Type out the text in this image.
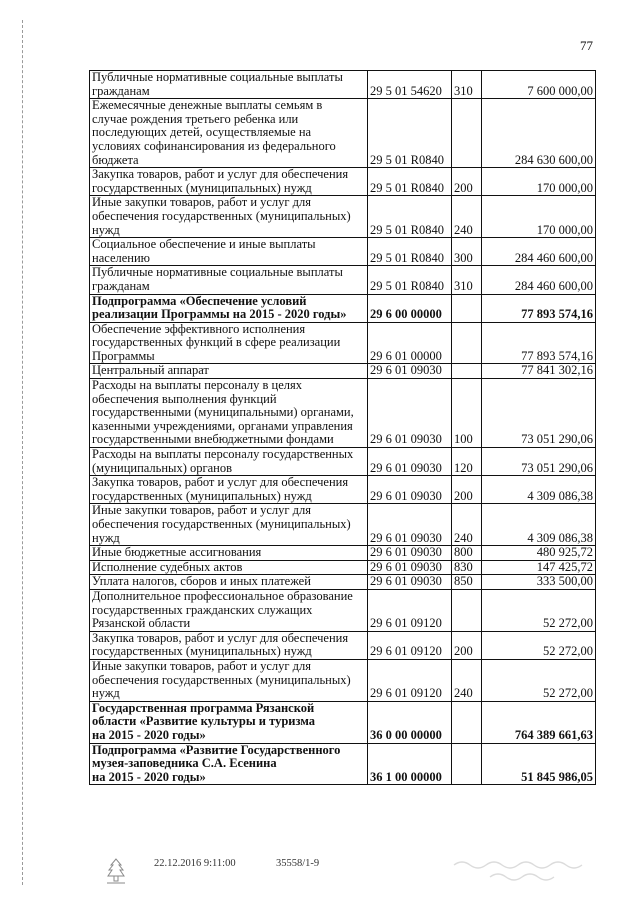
77
Публичные нормативные социальные выплаты
гражданам	29 5 01 54620	310	7 600 000,00
Ежемесячные денежные выплаты семьям в
случае рождения третьего ребенка или
последующих детей, осуществляемые на
условиях софинансирования из федерального
бюджета	29 5 01 R0840		284 630 600,00
Закупка товаров, работ и услуг для обеспечения
государственных (муниципальных) нужд	29 5 01 R0840	200	170 000,00
Иные закупки товаров, работ и услуг для
обеспечения государственных (муниципальных)
нужд	29 5 01 R0840	240	170 000,00
Социальное обеспечение и иные выплаты
населению	29 5 01 R0840	300	284 460 600,00
Публичные нормативные социальные выплаты
гражданам	29 5 01 R0840	310	284 460 600,00
Подпрограмма «Обеспечение условий
реализации Программы на 2015 - 2020 годы»	29 6 00 00000		77 893 574,16
Обеспечение эффективного исполнения
государственных функций в сфере реализации
Программы	29 6 01 00000		77 893 574,16
Центральный аппарат	29 6 01 09030		77 841 302,16
Расходы на выплаты персоналу в целях
обеспечения выполнения функций
государственными (муниципальными) органами,
казенными учреждениями, органами управления
государственными внебюджетными фондами	29 6 01 09030	100	73 051 290,06
Расходы на выплаты персоналу государственных
(муниципальных) органов	29 6 01 09030	120	73 051 290,06
Закупка товаров, работ и услуг для обеспечения
государственных (муниципальных) нужд	29 6 01 09030	200	4 309 086,38
Иные закупки товаров, работ и услуг для
обеспечения государственных (муниципальных)
нужд	29 6 01 09030	240	4 309 086,38
Иные бюджетные ассигнования	29 6 01 09030	800	480 925,72
Исполнение судебных актов	29 6 01 09030	830	147 425,72
Уплата налогов, сборов и иных платежей	29 6 01 09030	850	333 500,00
Дополнительное профессиональное образование
государственных гражданских служащих
Рязанской области	29 6 01 09120		52 272,00
Закупка товаров, работ и услуг для обеспечения
государственных (муниципальных) нужд	29 6 01 09120	200	52 272,00
Иные закупки товаров, работ и услуг для
обеспечения государственных (муниципальных)
нужд	29 6 01 09120	240	52 272,00
Государственная программа Рязанской
области «Развитие культуры и туризма
на 2015 - 2020 годы»	36 0 00 00000		764 389 661,63
Подпрограмма «Развитие Государственного
музея-заповедника С.А. Есенина
на 2015 - 2020 годы»	36 1 00 00000		51 845 986,05
22.12.2016 9:11:00	35558/1-9
